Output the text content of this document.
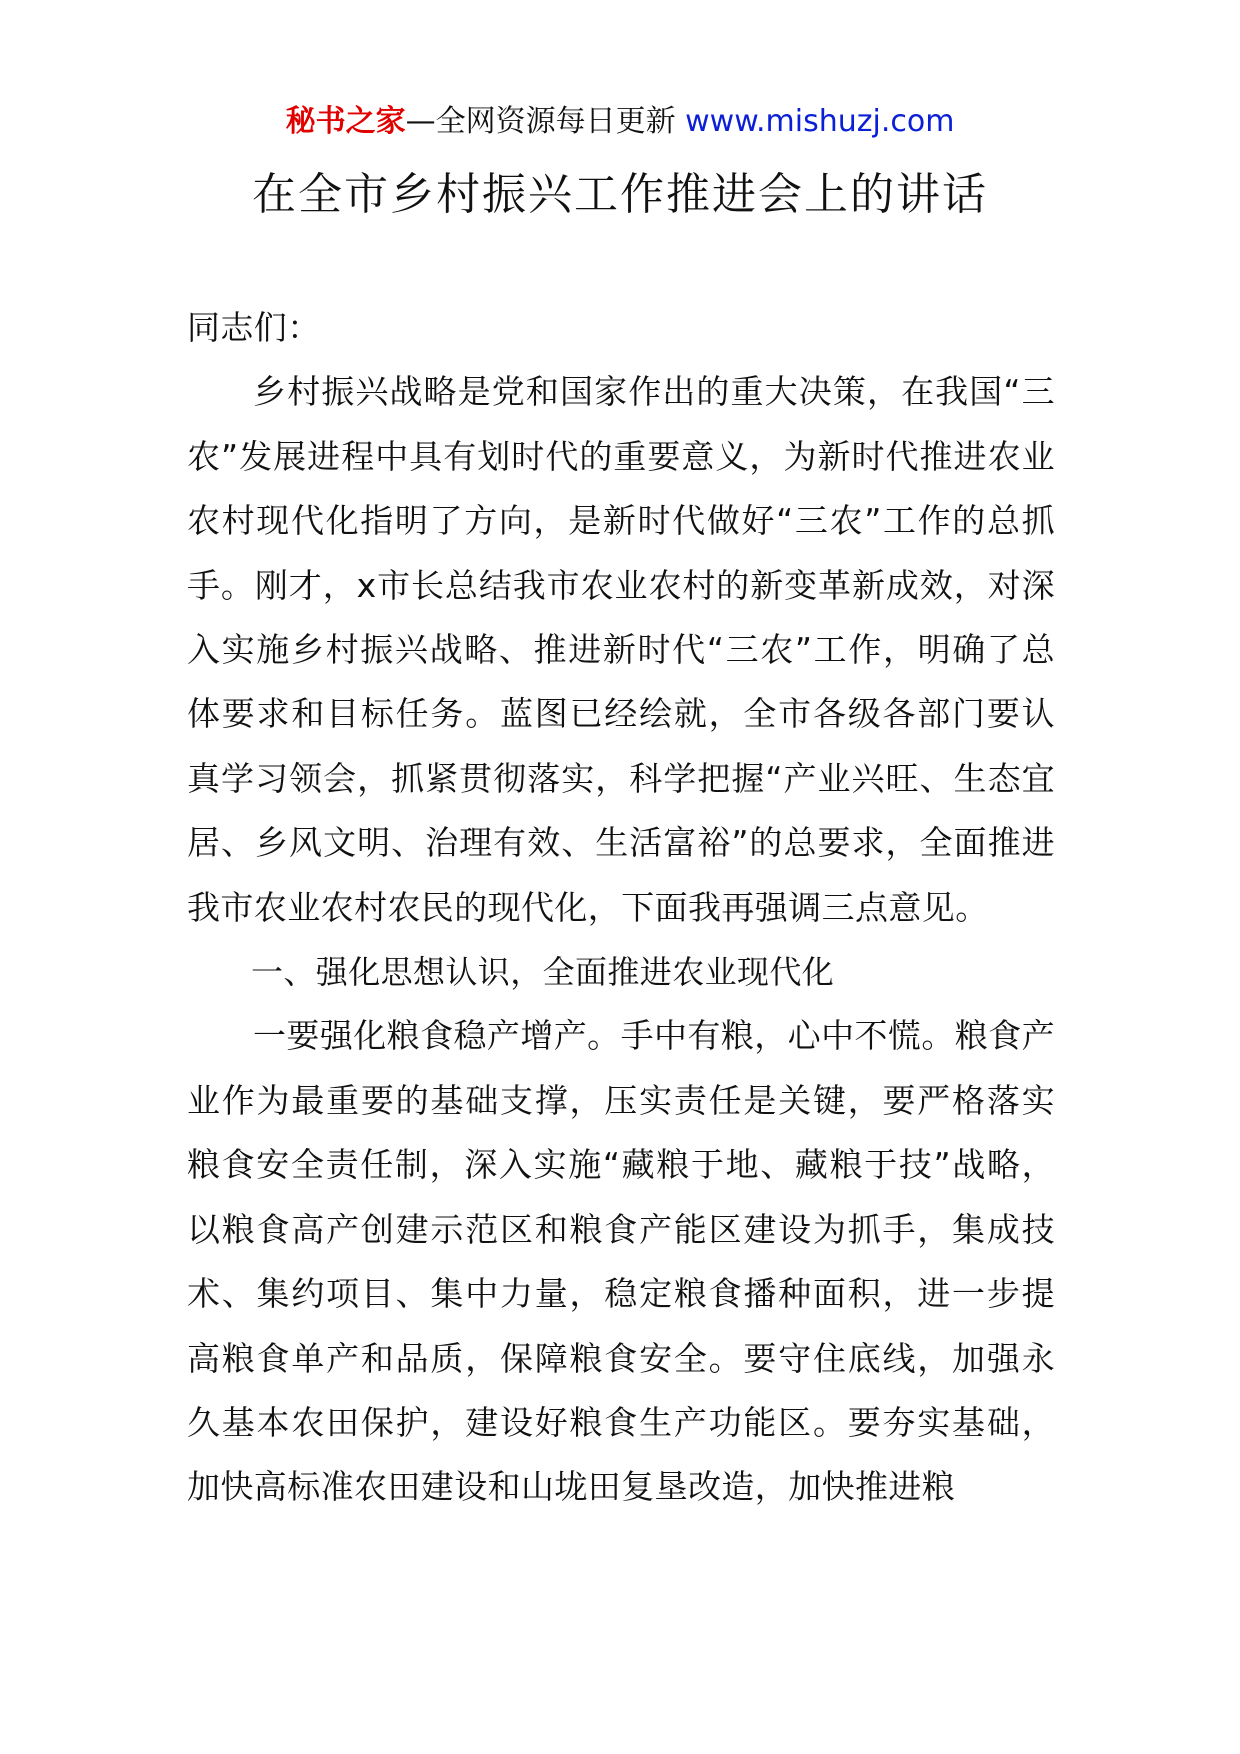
秘书之家—全网资源每日更新 www.mishuzj.com
在全市乡村振兴工作推进会上的讲话

同志们：

乡村振兴战略是党和国家作出的重大决策，在我国“三农”发展进程中具有划时代的重要意义，为新时代推进农业农村现代化指明了方向，是新时代做好“三农”工作的总抓手。刚才，x市长总结我市农业农村的新变革新成效，对深入实施乡村振兴战略、推进新时代“三农”工作，明确了总体要求和目标任务。蓝图已经绘就，全市各级各部门要认真学习领会，抓紧贯彻落实，科学把握“产业兴旺、生态宜居、乡风文明、治理有效、生活富裕”的总要求，全面推进我市农业农村农民的现代化，下面我再强调三点意见。

一、强化思想认识，全面推进农业现代化

一要强化粮食稳产增产。手中有粮，心中不慌。粮食产业作为最重要的基础支撑，压实责任是关键，要严格落实粮食安全责任制，深入实施“藏粮于地、藏粮于技”战略，以粮食高产创建示范区和粮食产能区建设为抓手，集成技术、集约项目、集中力量，稳定粮食播种面积，进一步提高粮食单产和品质，保障粮食安全。要守住底线，加强永久基本农田保护，建设好粮食生产功能区。要夯实基础，加快高标准农田建设和山垅田复垦改造，加快推进粮
